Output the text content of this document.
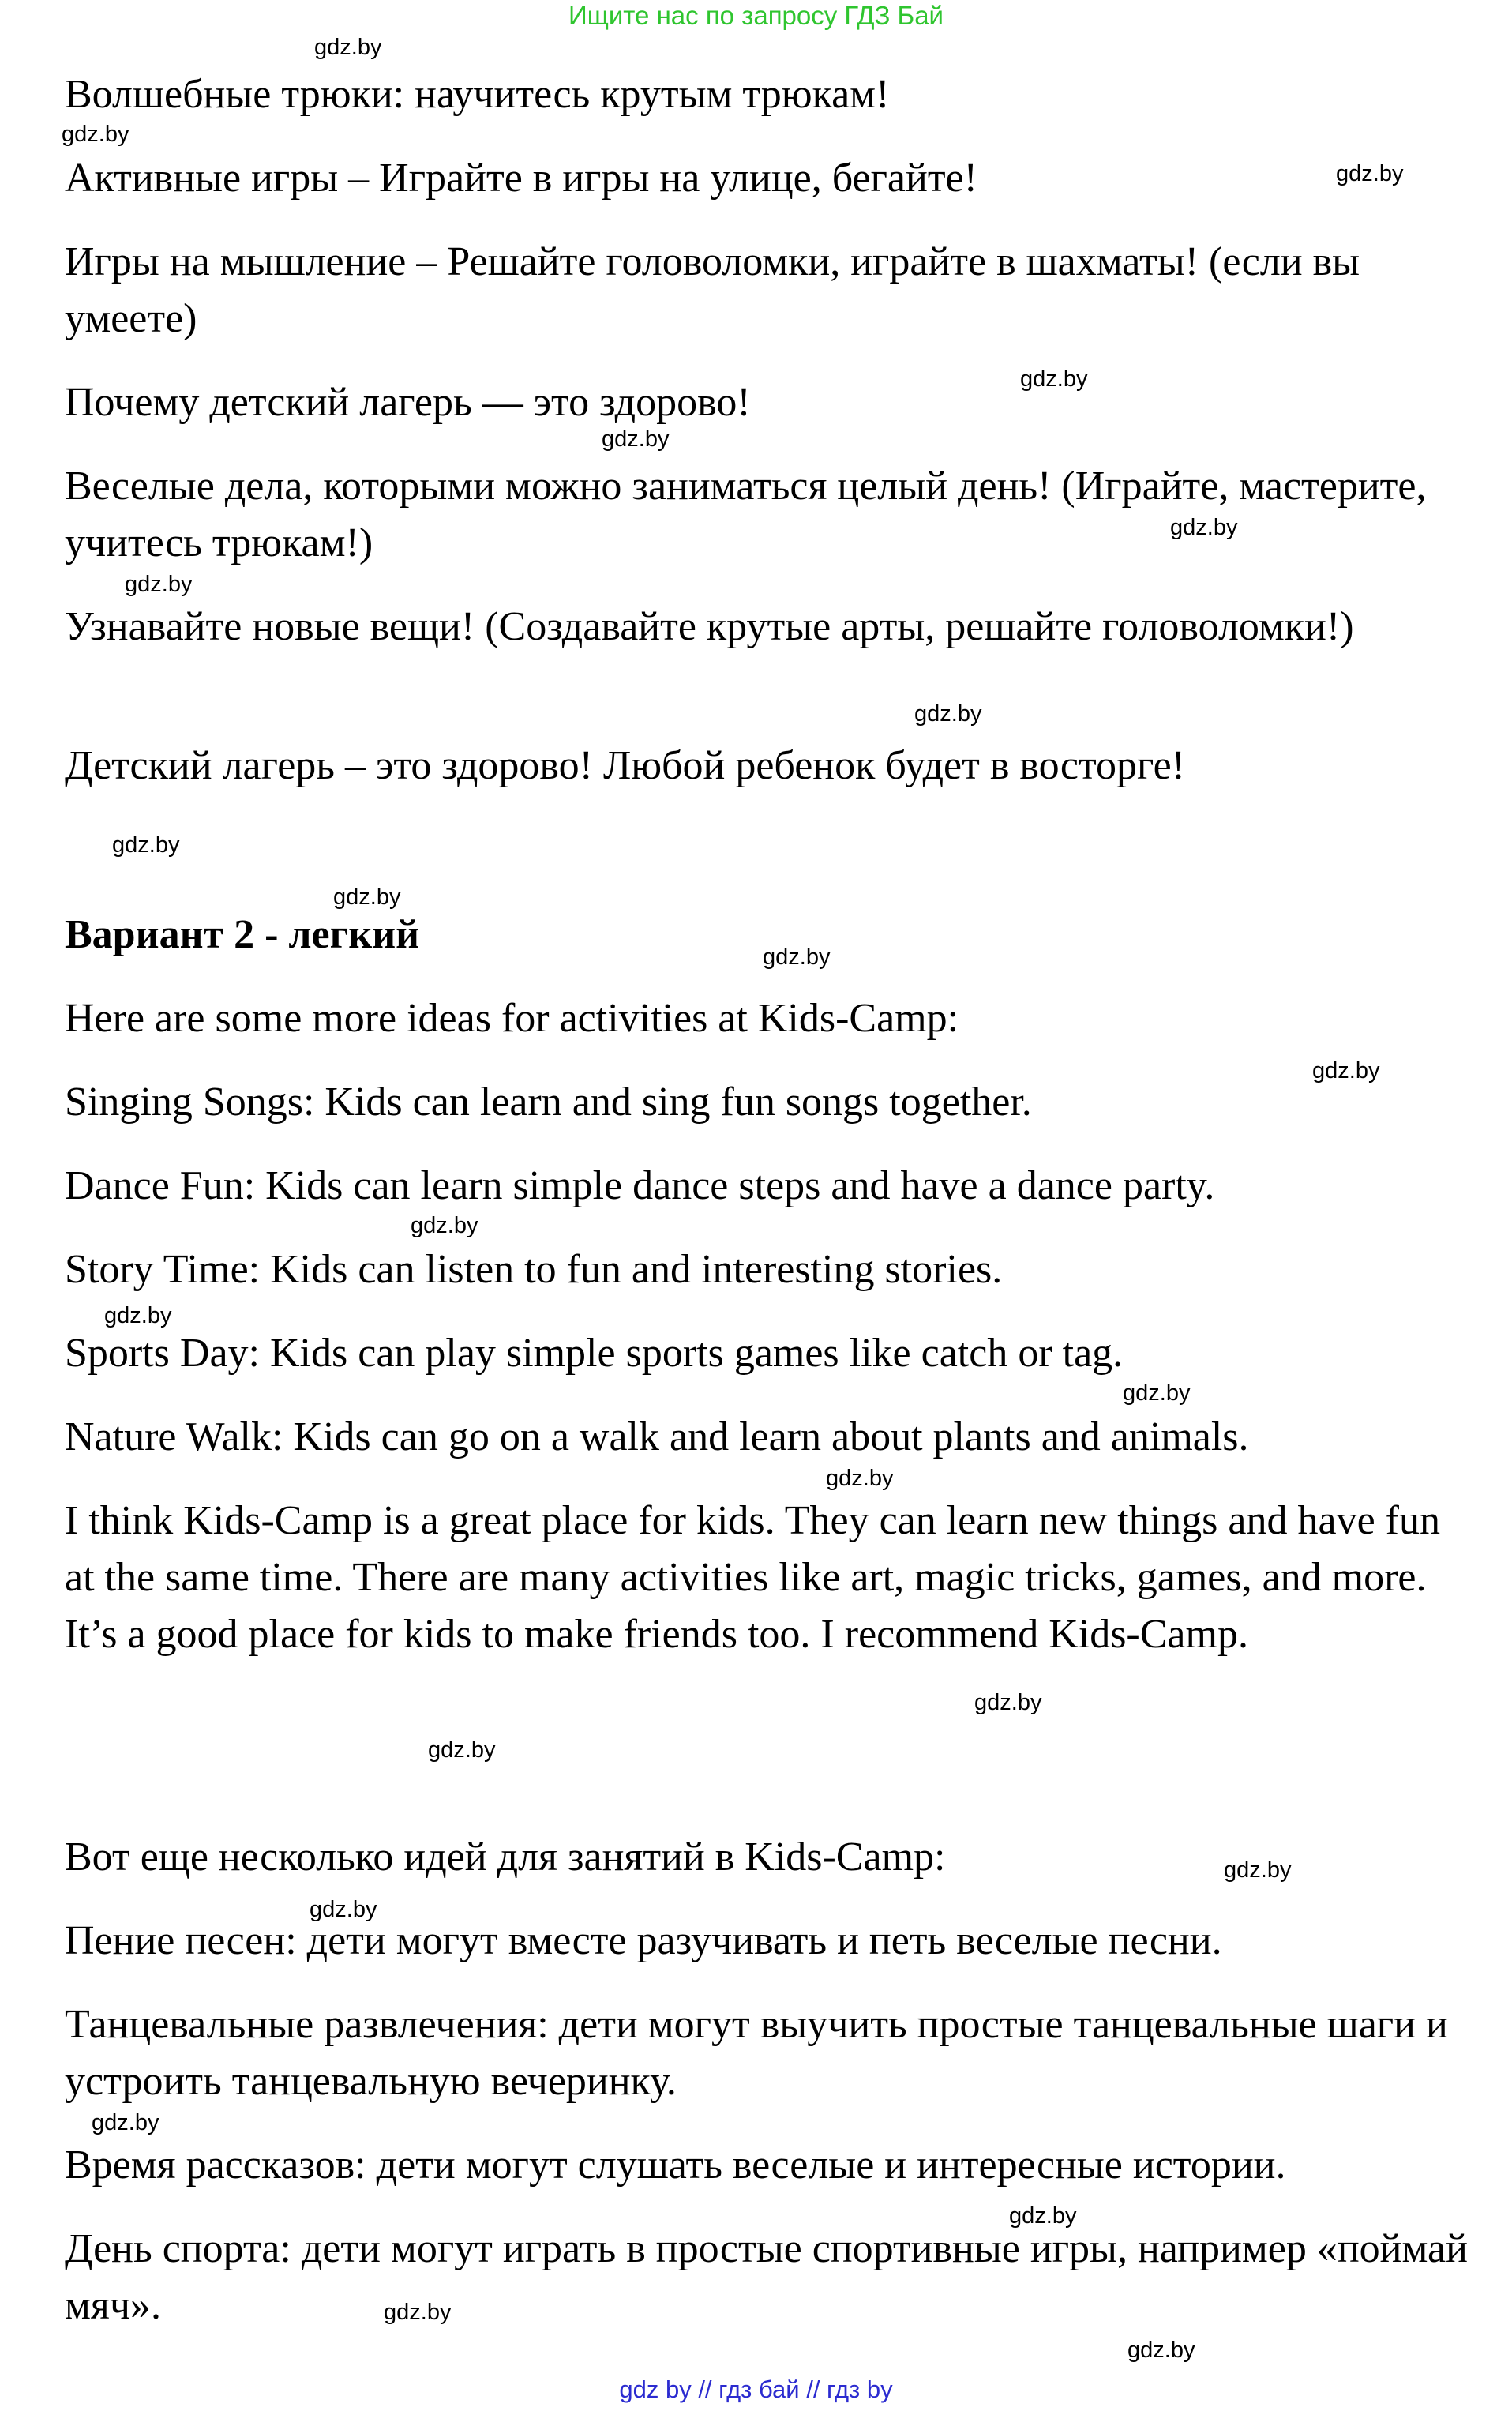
Ищите нас по запросу ГДЗ Бай
gdz.by
gdz.by
gdz.by
gdz.by
gdz.by
gdz.by
gdz.by
gdz.by
gdz.by
gdz.by
gdz.by
gdz.by
gdz.by
gdz.by
gdz.by
gdz.by
gdz.by
gdz.by
gdz.by
gdz.by
gdz.by
gdz.by
gdz.by
gdz.by

Волшебные трюки: научитесь крутым трюкам!

Активные игры – Играйте в игры на улице, бегайте!

Игры на мышление – Решайте головоломки, играйте в шахматы! (если вы умеете)

Почему детский лагерь — это здорово!

Веселые дела, которыми можно заниматься целый день! (Играйте, мастерите, учитесь трюкам!)

Узнавайте новые вещи! (Создавайте крутые арты, решайте головоломки!)

Детский лагерь – это здорово! Любой ребенок будет в восторге!

Вариант 2 - легкий

Here are some more ideas for activities at Kids-Camp:

Singing Songs: Kids can learn and sing fun songs together.

Dance Fun: Kids can learn simple dance steps and have a dance party.

Story Time: Kids can listen to fun and interesting stories.

Sports Day: Kids can play simple sports games like catch or tag.

Nature Walk: Kids can go on a walk and learn about plants and animals.

I think Kids-Camp is a great place for kids. They can learn new things and have fun at the same time. There are many activities like art, magic tricks, games, and more. It’s a good place for kids to make friends too. I recommend Kids-Camp.

Вот еще несколько идей для занятий в Kids-Camp:

Пение песен: дети могут вместе разучивать и петь веселые песни.

Танцевальные развлечения: дети могут выучить простые танцевальные шаги и устроить танцевальную вечеринку.

Время рассказов: дети могут слушать веселые и интересные истории.

День спорта: дети могут играть в простые спортивные игры, например «поймай мяч».

gdz by // гдз бай // гдз by
